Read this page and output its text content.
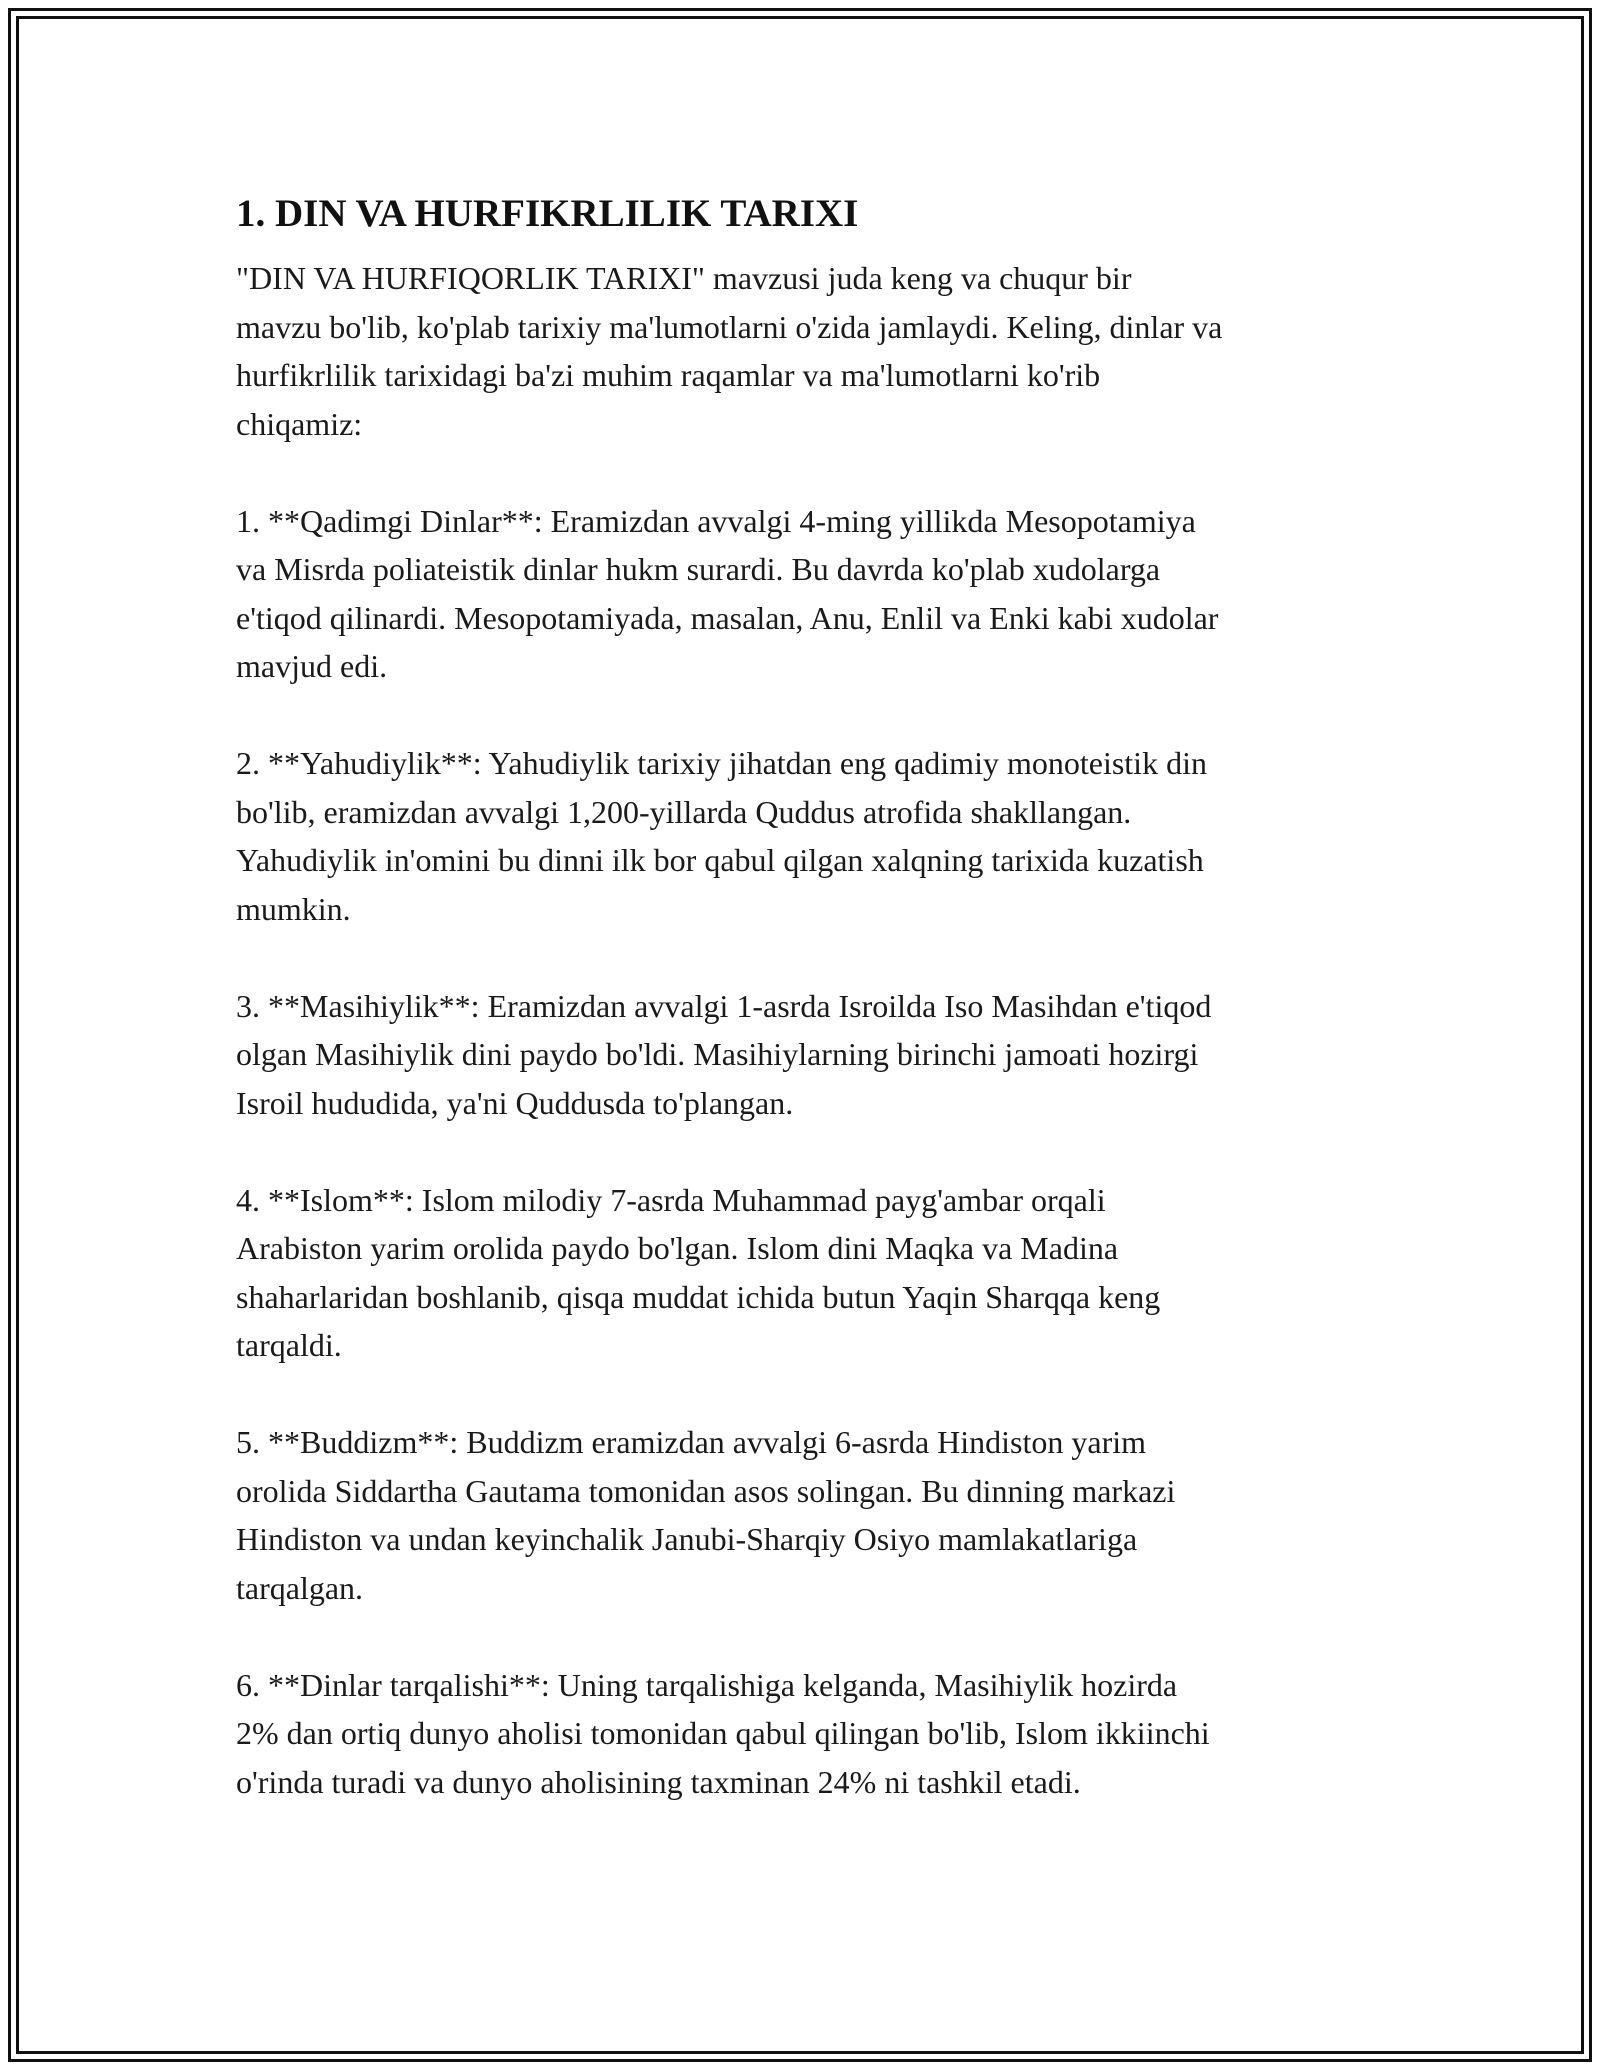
1. DIN VA HURFIKRLILIK TARIXI

"DIN VA HURFIQORLIK TARIXI" mavzusi juda keng va chuqur bir
mavzu bo'lib, ko'plab tarixiy ma'lumotlarni o'zida jamlaydi. Keling, dinlar va
hurfikrlilik tarixidagi ba'zi muhim raqamlar va ma'lumotlarni ko'rib
chiqamiz:

1. **Qadimgi Dinlar**: Eramizdan avvalgi 4-ming yillikda Mesopotamiya
va Misrda poliateistik dinlar hukm surardi. Bu davrda ko'plab xudolarga
e'tiqod qilinardi. Mesopotamiyada, masalan, Anu, Enlil va Enki kabi xudolar
mavjud edi.

2. **Yahudiylik**: Yahudiylik tarixiy jihatdan eng qadimiy monoteistik din
bo'lib, eramizdan avvalgi 1,200-yillarda Quddus atrofida shakllangan.
Yahudiylik in'omini bu dinni ilk bor qabul qilgan xalqning tarixida kuzatish
mumkin.

3. **Masihiylik**: Eramizdan avvalgi 1-asrda Isroilda Iso Masihdan e'tiqod
olgan Masihiylik dini paydo bo'ldi. Masihiylarning birinchi jamoati hozirgi
Isroil hududida, ya'ni Quddusda to'plangan.

4. **Islom**: Islom milodiy 7-asrda Muhammad payg'ambar orqali
Arabiston yarim orolida paydo bo'lgan. Islom dini Maqka va Madina
shaharlaridan boshlanib, qisqa muddat ichida butun Yaqin Sharqqa keng
tarqaldi.

5. **Buddizm**: Buddizm eramizdan avvalgi 6-asrda Hindiston yarim
orolida Siddartha Gautama tomonidan asos solingan. Bu dinning markazi
Hindiston va undan keyinchalik Janubi-Sharqiy Osiyo mamlakatlariga
tarqalgan.

6. **Dinlar tarqalishi**: Uning tarqalishiga kelganda, Masihiylik hozirda
2% dan ortiq dunyo aholisi tomonidan qabul qilingan bo'lib, Islom ikkiinchi
o'rinda turadi va dunyo aholisining taxminan 24% ni tashkil etadi.
